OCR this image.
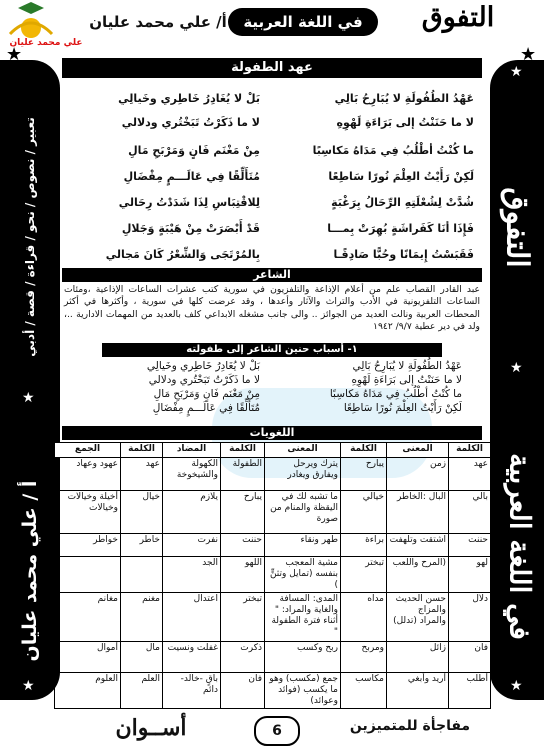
علي محمد عليان
أ/ علي محمد عليان	في اللغة العربية	التفوق
التفوق
في اللغة العربية
★
★
★
تعبير / نصوص / نحو / قراءة / قصة / أدبي
أ / علي محمد عليان
★
★
★	★
عهد الطفولة
عَهْدُ الطُفُولَةِ لا يُبَارِحُ بَالِي
بَلْ لا يُغَادِرُ خَاطِري وخَيالِي
لا ما حَنَنْتُ إلى بَرَاءَةِ لَهْوِهِ
لا ما ذَكَرْتُ تَبَخْتُري ودلالي
ما كُنْتُ أطْلُبُ فِي مَدَاهُ مَكاسِبًا
مِنْ مَغْنَم فَانٍ وَمَرْبَحِ مَالِ
لَكِنْ رَأَيْتُ العِلْمَ نُورًا سَاطِعًا
مُتَأَلِّقًا فِي عَالَـــمٍ مِفْضَالِ
شُدَّتْ لِشُعْلَتِهِ الرِّحَالُ بِرَغْبَةٍ
لِلاقْتِبَاسِ لِذَا شَدَدْتُ رِحَالي
فَإِذَا أنَا كَفَراشَةٍ بُهِرَتْ بِمـــا
قَدْ أَبْصَرَتْ مِنْ هَيْبَةٍ وَجَلالِ
فَقَبَسْتُ إِيمَانًا وحُبًّا صَادِقًـا
بِالمُرْتَجَى وَالشِّعْرُ كَانَ مَجالي
الشاعر
عبد القادر القصاب علم من أعلام الإذاعة والتلفزيون في سورية كتب عشرات الساعات الإذاعية ،ومئات الساعات التلفزيونية في الأدب والتراث والآثار وأعدها ، وقد عرضت كلها في سورية ، وأكثرها في أكثر المحطات العربية ونالت العديد من الجوائز .. والى جانب مشغله الابداعي كلف بالعديد من المهمات الادارية ..، ولد في دير عطية ٩/٧/ ١٩٤٢
١- أسباب حنين الشاعر إلى طفولته
عَهْدُ الطُفُولَةِ لا يُبَارِحُ بَالِي
بَلْ لا يُغَادِرُ خَاطِري وخَيالِي
لا ما حَنَنْتُ إلى بَرَاءَةِ لَهْوِهِ
لا ما ذَكَرْتُ تَبَخْتُري ودلالي
ما كُنْتُ أطْلُبُ فِي مَدَاهُ مَكاسِبًا
مِنْ مَغْنَم فَانٍ وَمَرْبَحِ مَالِ
لَكِنْ رَأَيْتُ العِلْمَ نُورًا سَاطِعًا
مُتَأَلِّقًا فِي عَالَـــمٍ مِفْضَالِ
اللغويات
الكلمة	المعنى	الكلمة	المعنى	الكلمة	المضاد	الكلمة	الجمع
عهد	زمن	يبارح	يترك ويرحل ويفارق ويغادر	الطفولة	الكهولة والشيخوخة	عهد	عهود وعهاد
بالي	البال :الخاطر	خيالي	ما تشبه لك في اليقظة والمنام من صورة	يبارح	يلازم	خيال	أخيلة وخيالات وخيالات
حننت	اشتقت وتلهفت	براءة	طهر ونقاء	حننت	نفرت	خاطر	خواطر
لهو	(المرح واللعب	تبختر	مشية المعجب بنفسه (تمايل وتثنٍّ )	اللهو	الجد		
دلال	حسن الحديث والمزاج والمراد (تدلل)	مداه	المدى: المسافة والغاية والمراد: " أثناء فترة الطفولة "	تبختر	اعتدال	مغنم	مغانم
فان	زائل	ومربح	ربح وكسب	ذكرت	غفلت ونسيت	مال	أموال
أطلب	أريد وأبغي	مكاسب	جمع (مكسب) وهو ما يكسب (فوائد وعوائد)	فان	باقٍ -خالد- دائم	العلم	العلوم
أســوان	6	مفاجأة للمتميزين
